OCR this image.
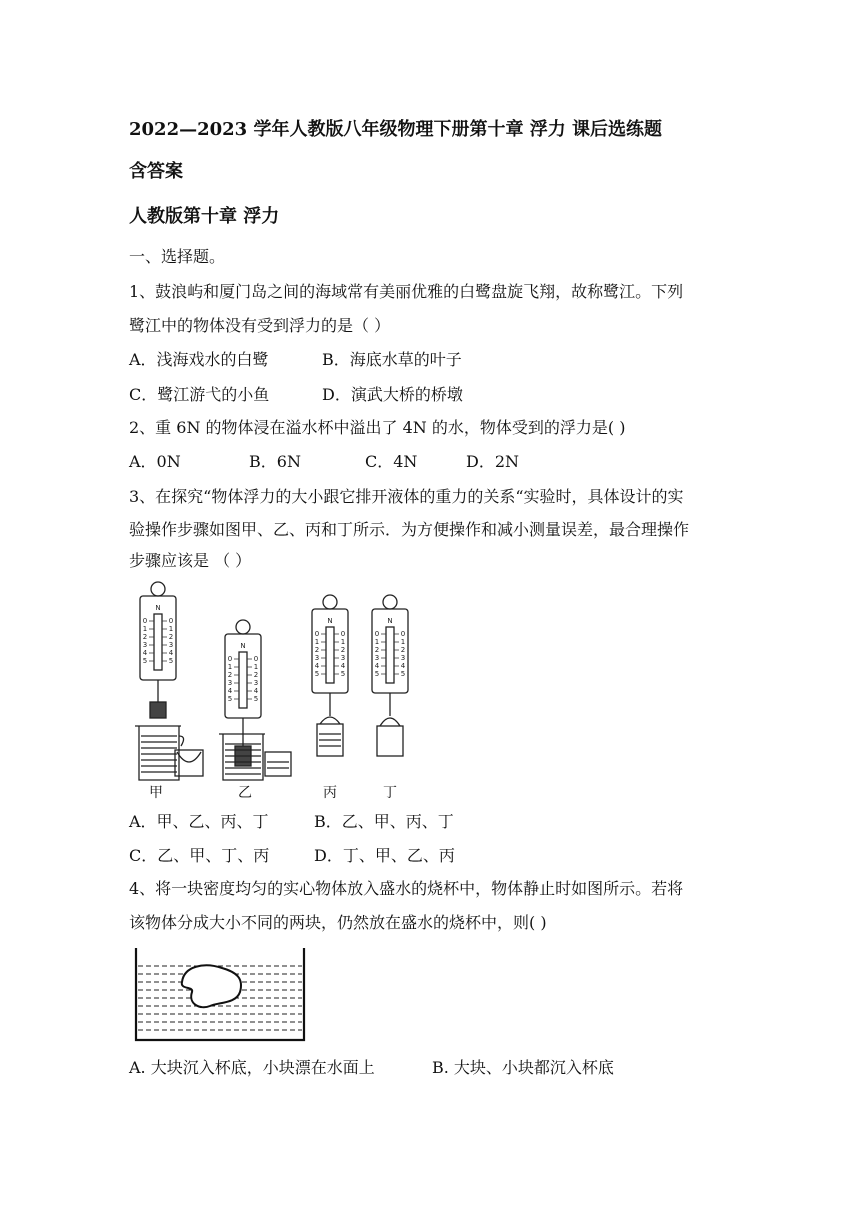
2022—2023 学年人教版八年级物理下册第十章 浮力 课后选练题
含答案
人教版第十章 浮力
一、选择题。
1、鼓浪屿和厦门岛之间的海域常有美丽优雅的白鹭盘旋飞翔，故称鹭江。下列
鹭江中的物体没有受到浮力的是（ ）
A．浅海戏水的白鹭	B．海底水草的叶子
C．鹭江游弋的小鱼	D．演武大桥的桥墩
2、重 6N 的物体浸在溢水杯中溢出了 4N 的水，物体受到的浮力是( )
A．0N	B．6N	C．4N	D．2N
3、在探究“物体浮力的大小跟它排开液体的重力的关系“实验时，具体设计的实
验操作步骤如图甲、乙、丙和丁所示．为方便操作和减小测量误差，最合理操作
步骤应该是 （ ）
N
N
N	N
0
1
2
3
4
5
0
1
2
3
4
5	0
1
2
3
4
5
0
1
2
3
4
5
0
1
2
3
4
5
0
1
2
3
4
5
0
1
2
3
4
5
0
1
2
3
4
5
甲	乙	丙	丁
A．甲、乙、丙、丁	B．乙、甲、丙、丁
C．乙、甲、丁、丙	D．丁、甲、乙、丙
4、将一块密度均匀的实心物体放入盛水的烧杯中，物体静止时如图所示。若将
该物体分成大小不同的两块，仍然放在盛水的烧杯中，则( )
A. 大块沉入杯底，小块漂在水面上	B. 大块、小块都沉入杯底
